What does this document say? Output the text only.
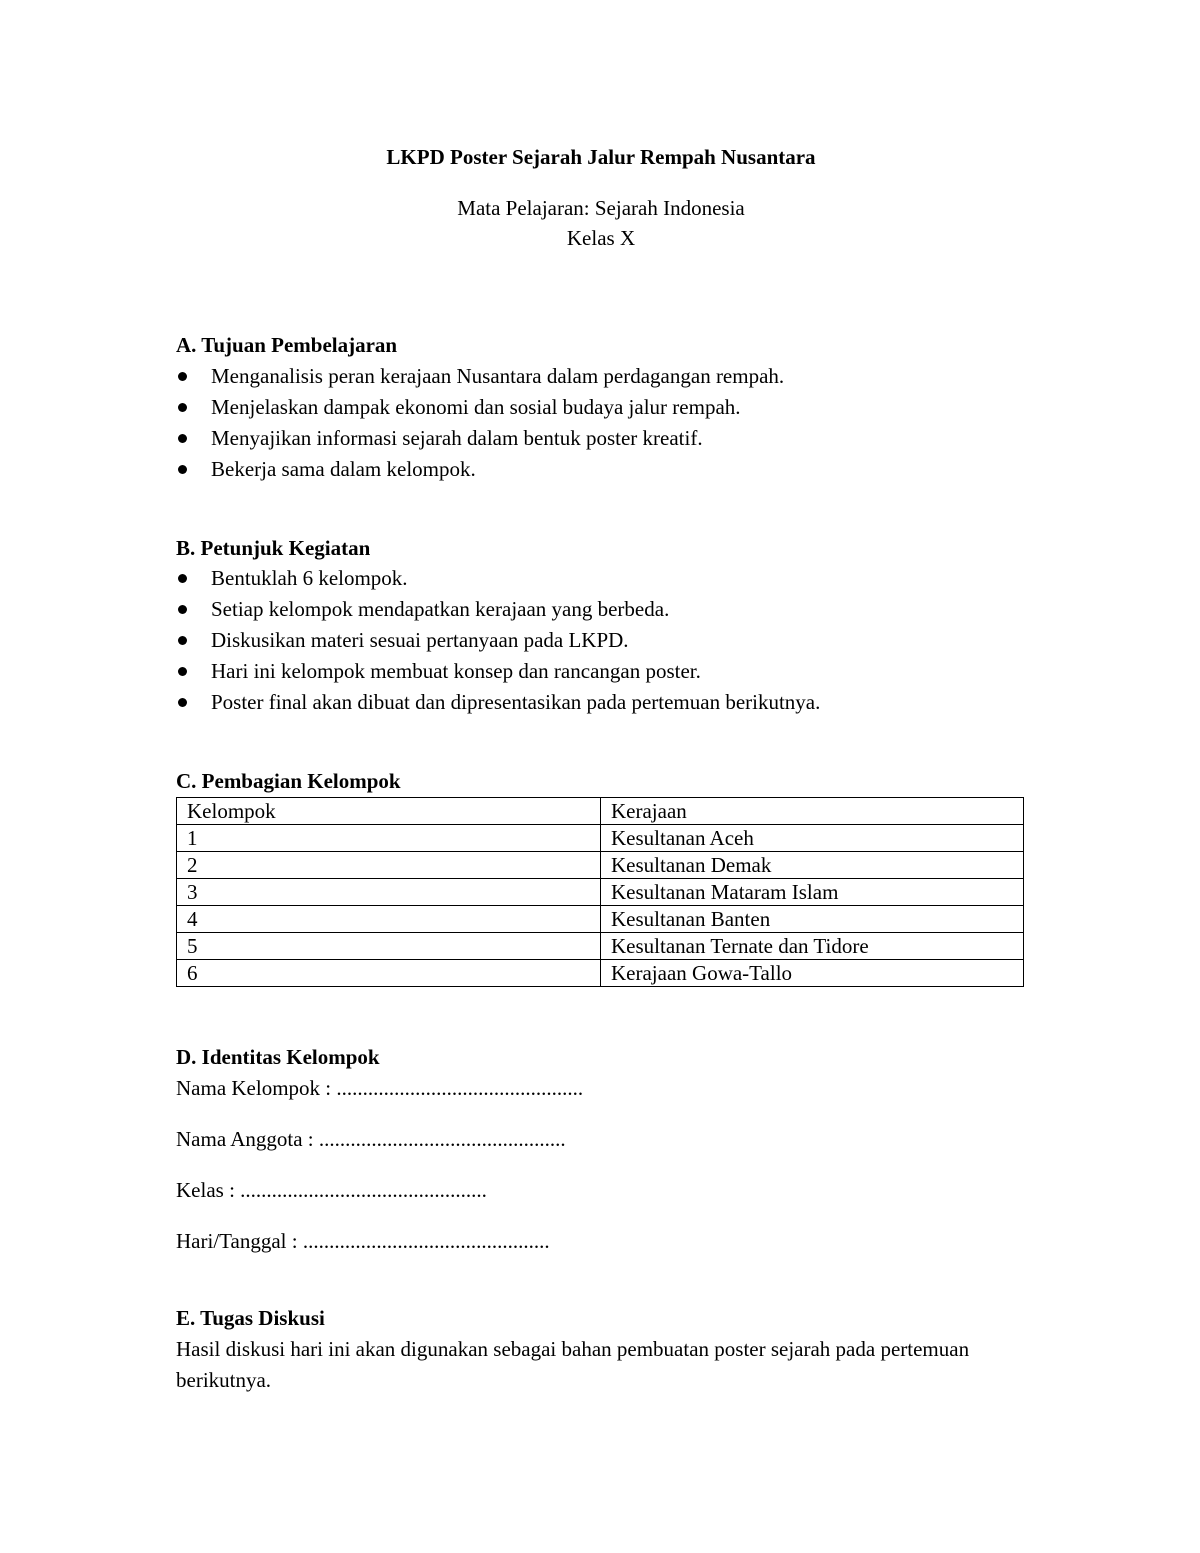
LKPD Poster Sejarah Jalur Rempah Nusantara
Mata Pelajaran: Sejarah Indonesia
Kelas X
A. Tujuan Pembelajaran
Menganalisis peran kerajaan Nusantara dalam perdagangan rempah.
Menjelaskan dampak ekonomi dan sosial budaya jalur rempah.
Menyajikan informasi sejarah dalam bentuk poster kreatif.
Bekerja sama dalam kelompok.
B. Petunjuk Kegiatan
Bentuklah 6 kelompok.
Setiap kelompok mendapatkan kerajaan yang berbeda.
Diskusikan materi sesuai pertanyaan pada LKPD.
Hari ini kelompok membuat konsep dan rancangan poster.
Poster final akan dibuat dan dipresentasikan pada pertemuan berikutnya.
C. Pembagian Kelompok
Kelompok	Kerajaan
1	Kesultanan Aceh
2	Kesultanan Demak
3	Kesultanan Mataram Islam
4	Kesultanan Banten
5	Kesultanan Ternate dan Tidore
6	Kerajaan Gowa-Tallo
D. Identitas Kelompok
Nama Kelompok : ...............................................
Nama Anggota : ...............................................
Kelas : ...............................................
Hari/Tanggal : ...............................................
E. Tugas Diskusi

Hasil diskusi hari ini akan digunakan sebagai bahan pembuatan poster sejarah pada pertemuan berikutnya.
